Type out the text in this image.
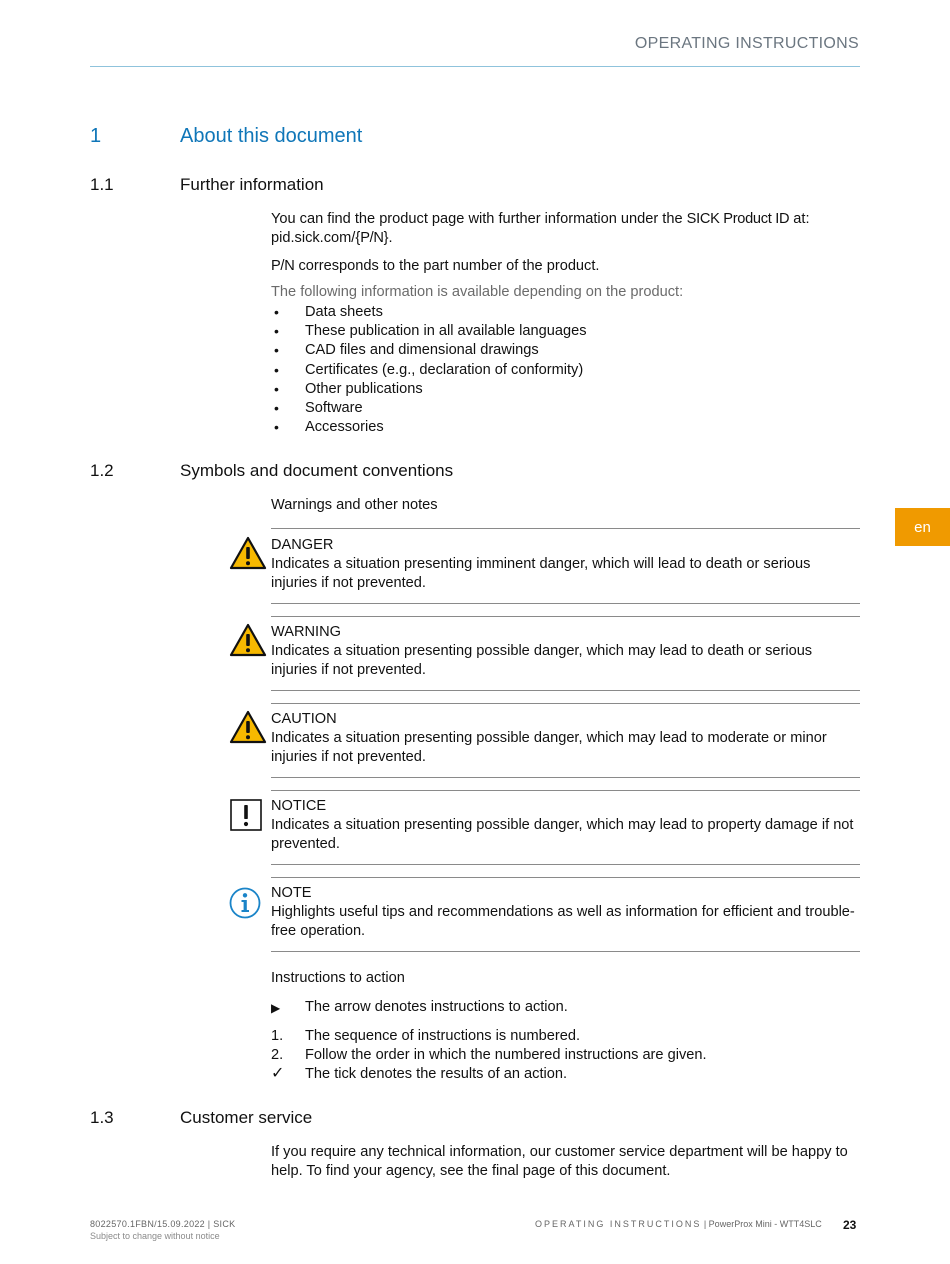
OPERATING INSTRUCTIONS
en
1	About this document
1.1	Further information
You can find the product page with further information under the SICK Product ID at:
pid.sick.com/{P/N}.
P/N corresponds to the part number of the product.
The following information is available depending on the product:
• Data sheets
• These publication in all available languages
• CAD files and dimensional drawings
• Certificates (e.g., declaration of conformity)
• Other publications
• Software
• Accessories
1.2	Symbols and document conventions
Warnings and other notes
DANGER
Indicates a situation presenting imminent danger, which will lead to death or serious injuries if not prevented.
WARNING
Indicates a situation presenting possible danger, which may lead to death or serious injuries if not prevented.
CAUTION
Indicates a situation presenting possible danger, which may lead to moderate or minor injuries if not prevented.
NOTICE
Indicates a situation presenting possible danger, which may lead to property damage if not prevented.
NOTE
Highlights useful tips and recommendations as well as information for efficient and trouble-free operation.
Instructions to action
▶ The arrow denotes instructions to action.
1. The sequence of instructions is numbered.
2. Follow the order in which the numbered instructions are given.
✓ The tick denotes the results of an action.
1.3	Customer service
If you require any technical information, our customer service department will be happy to help. To find your agency, see the final page of this document.
8022570.1FBN/15.09.2022 | SICK
Subject to change without notice
OPERATING INSTRUCTIONS | PowerProx Mini - WTT4SLC 23
